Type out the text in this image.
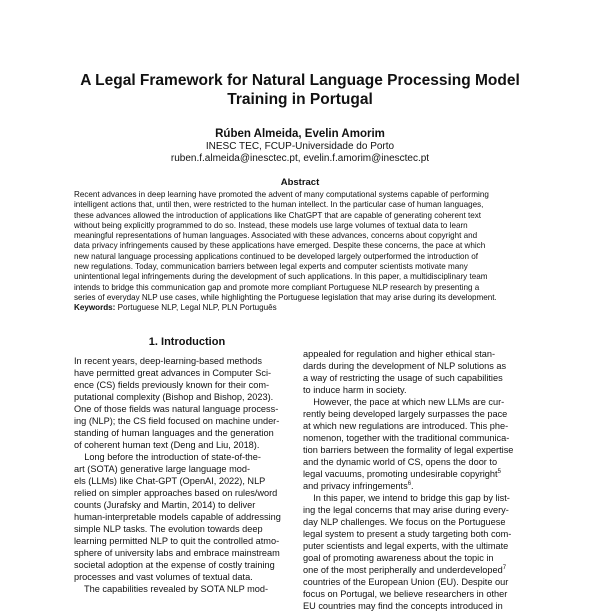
A Legal Framework for Natural Language Processing Model
Training in Portugal
Rúben Almeida, Evelin Amorim
INESC TEC, FCUP-Universidade do Porto
ruben.f.almeida@inesctec.pt, evelin.f.amorim@inesctec.pt
Abstract
Recent advances in deep learning have promoted the advent of many computational systems capable of performing
intelligent actions that, until then, were restricted to the human intellect. In the particular case of human languages,
these advances allowed the introduction of applications like ChatGPT that are capable of generating coherent text
without being explicitly programmed to do so. Instead, these models use large volumes of textual data to learn
meaningful representations of human languages. Associated with these advances, concerns about copyright and
data privacy infringements caused by these applications have emerged. Despite these concerns, the pace at which
new natural language processing applications continued to be developed largely outperformed the introduction of
new regulations. Today, communication barriers between legal experts and computer scientists motivate many
unintentional legal infringements during the development of such applications. In this paper, a multidisciplinary team
intends to bridge this communication gap and promote more compliant Portuguese NLP research by presenting a
series of everyday NLP use cases, while highlighting the Portuguese legislation that may arise during its development.
Keywords: Portuguese NLP, Legal NLP, PLN Português
1. Introduction
In recent years, deep-learning-based methods
have permitted great advances in Computer Sci-
ence (CS) fields previously known for their com-
putational complexity (Bishop and Bishop, 2023).
One of those fields was natural language process-
ing (NLP); the CS field focused on machine under-
standing of human languages and the generation
of coherent human text (Deng and Liu, 2018).
Long before the introduction of state-of-the-
art (SOTA) generative large language mod-
els (LLMs) like Chat-GPT (OpenAI, 2022), NLP
relied on simpler approaches based on rules/word
counts (Jurafsky and Martin, 2014) to deliver
human-interpretable models capable of addressing
simple NLP tasks. The evolution towards deep
learning permitted NLP to quit the controlled atmo-
sphere of university labs and embrace mainstream
societal adoption at the expense of costly training
processes and vast volumes of textual data.
The capabilities revealed by SOTA NLP mod-
appealed for regulation and higher ethical stan-
dards during the development of NLP solutions as
a way of restricting the usage of such capabilities
to induce harm in society.
However, the pace at which new LLMs are cur-
rently being developed largely surpasses the pace
at which new regulations are introduced. This phe-
nomenon, together with the traditional communica-
tion barriers between the formality of legal expertise
and the dynamic world of CS, opens the door to
legal vacuums, promoting undesirable copyright$^5$
and privacy infringements$^6$.
In this paper, we intend to bridge this gap by list-
ing the legal concerns that may arise during every-
day NLP challenges. We focus on the Portuguese
legal system to present a study targeting both com-
puter scientists and legal experts, with the ultimate
goal of promoting awareness about the topic in
one of the most peripherally and underdeveloped$^7$
countries of the European Union (EU). Despite our
focus on Portugal, we believe researchers in other
EU countries may find the concepts introduced in
